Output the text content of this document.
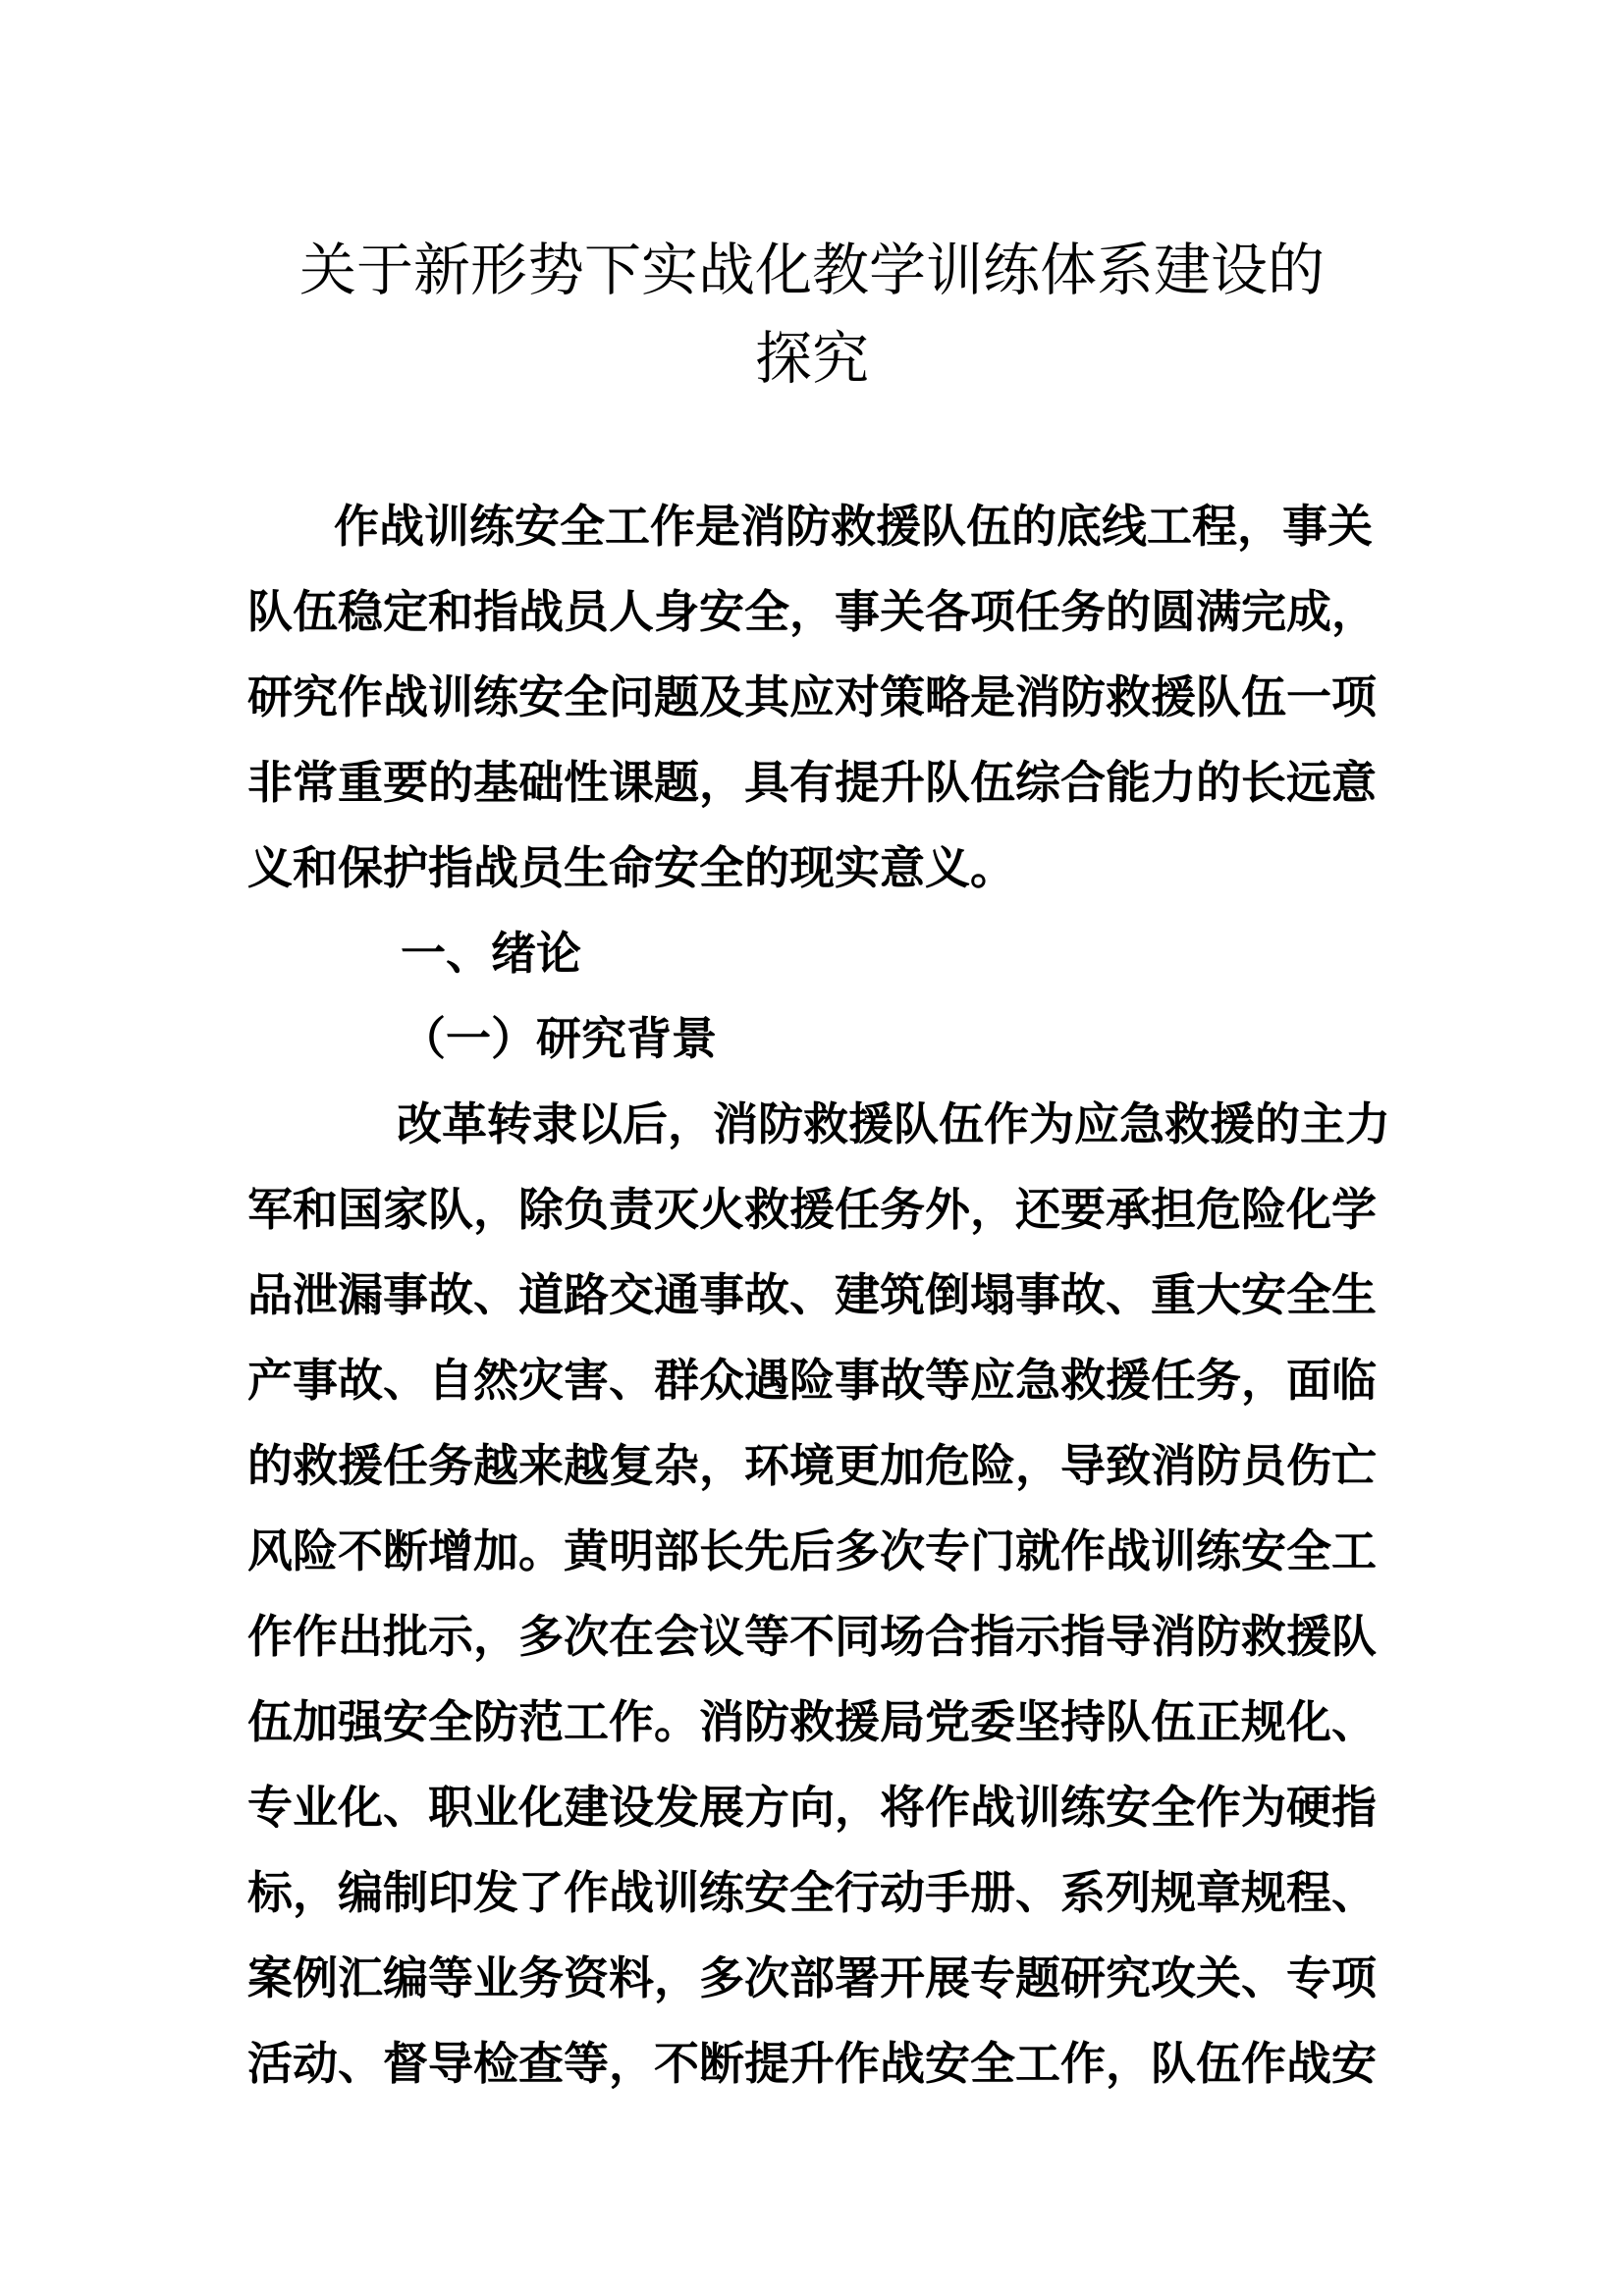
关于新形势下实战化教学训练体系建设的
探究

作战训练安全工作是消防救援队伍的底线工程，事关

队伍稳定和指战员人身安全，事关各项任务的圆满完成，

研究作战训练安全问题及其应对策略是消防救援队伍一项

非常重要的基础性课题，具有提升队伍综合能力的长远意

义和保护指战员生命安全的现实意义。

一、绪论

（一）研究背景

改革转隶以后，消防救援队伍作为应急救援的主力

军和国家队，除负责灭火救援任务外，还要承担危险化学

品泄漏事故、道路交通事故、建筑倒塌事故、重大安全生

产事故、自然灾害、群众遇险事故等应急救援任务，面临

的救援任务越来越复杂，环境更加危险，导致消防员伤亡

风险不断增加。黄明部长先后多次专门就作战训练安全工

作作出批示，多次在会议等不同场合指示指导消防救援队

伍加强安全防范工作。消防救援局党委坚持队伍正规化、

专业化、职业化建设发展方向，将作战训练安全作为硬指

标，编制印发了作战训练安全行动手册、系列规章规程、

案例汇编等业务资料，多次部署开展专题研究攻关、专项

活动、督导检查等，不断提升作战安全工作，队伍作战安
